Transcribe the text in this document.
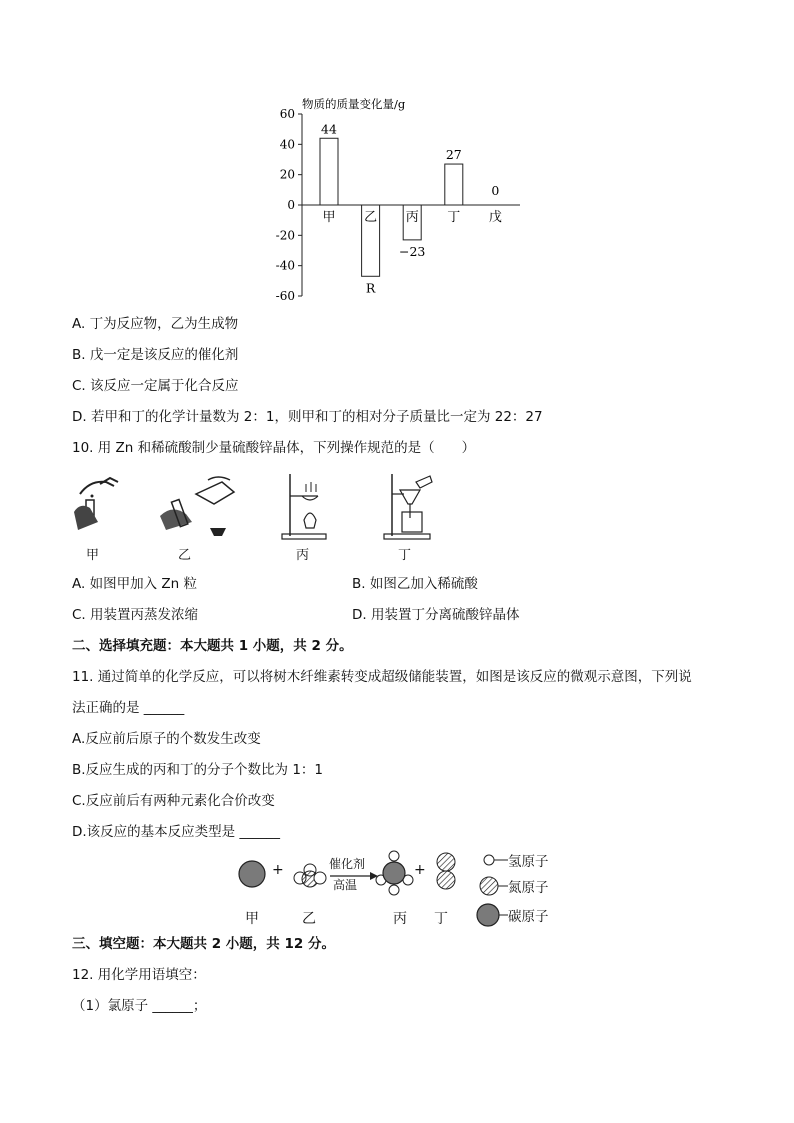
物质的质量变化量/g
60
40
20
0
-20
-40
-60
甲
44
乙
R
丙
−23
丁
27
戊
0
A. 丁为反应物，乙为生成物
B. 戊一定是该反应的催化剂
C. 该反应一定属于化合反应
D. 若甲和丁的化学计量数为 2：1，则甲和丁的相对分子质量比一定为 22：27
10. 用 Zn 和稀硫酸制少量硫酸锌晶体，下列操作规范的是（　　）
甲	乙	丙	丁
A. 如图甲加入 Zn 粒	B. 如图乙加入稀硫酸
C. 用装置丙蒸发浓缩	D. 用装置丁分离硫酸锌晶体
二、选择填充题：本大题共 1 小题，共 2 分。
11. 通过简单的化学反应，可以将树木纤维素转变成超级储能装置，如图是该反应的微观示意图，下列说
法正确的是 ______
A.反应前后原子的个数发生改变
B.反应生成的丙和丁的分子个数比为 1：1
C.反应前后有两种元素化合价改变
D.该反应的基本反应类型是 ______
+	+
催化剂
高温
甲	乙	丙 丁
氢原子
氮原子
碳原子
三、填空题：本大题共 2 小题，共 12 分。
12. 用化学用语填空：
（1）氯原子 ______；
